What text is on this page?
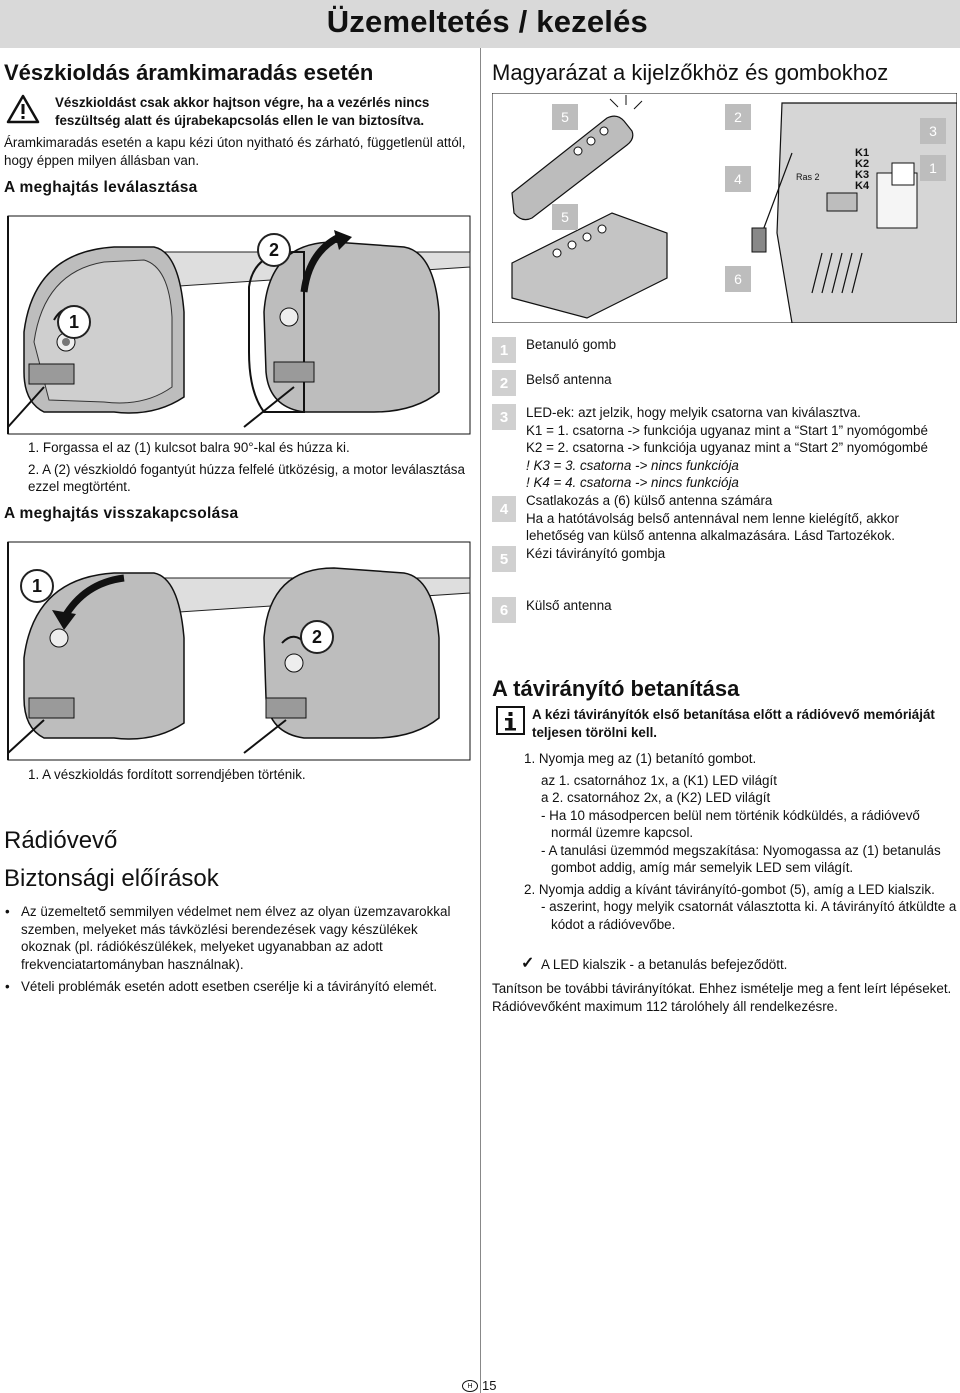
Üzemeltetés / kezelés
Vészkioldás áramkimaradás esetén
Vészkioldást csak akkor hajtson végre, ha a vezérlés nincs feszültség alatt és újrabekapcsolás ellen le van biztosítva.
Áramkimaradás esetén a kapu kézi úton nyitható és zárható, függetlenül attól, hogy éppen milyen állásban van.
A meghajtás leválasztása
1
2
1. Forgassa el az (1) kulcsot balra 90°-kal és húzza ki.
2. A (2) vészkioldó fogantyút húzza felfelé ütközésig, a motor leválasztása ezzel megtörtént.
A meghajtás visszakapcsolása
1
2
1. A vészkioldás fordított sorrendjében történik.
Rádióvevő
Biztonsági előírások
• Az üzemeltető semmilyen védelmet nem élvez az olyan üzemzavarokkal szemben, melyeket más távközlési berendezések vagy készülékek okoznak (pl. rádiókészülékek, melyeket ugyanabban az adott frekvenciatartományban használnak).
• Vételi problémák esetén adott esetben cserélje ki a távirányító elemét.
Magyarázat a kijelzőkhöz és gombokhoz
5
5
2
4
3
1
6
K1
K2
K3
K4
Ras 2
1	Betanuló gomb
2	Belső antenna
3	LED-ek: azt jelzik, hogy melyik csatorna van kiválasztva.
K1 = 1. csatorna -> funkciója ugyanaz mint a “Start 1” nyomógombé
K2 = 2. csatorna -> funkciója ugyanaz mint a “Start 2” nyomógombé
! K3 = 3. csatorna -> nincs funkciója
! K4 = 4. csatorna -> nincs funkciója
4	Csatlakozás a (6) külső antenna számára
Ha a hatótávolság belső antennával nem lenne kielégítő, akkor lehetőség van külső antenna alkalmazására. Lásd Tartozékok.
5	Kézi távirányító gombja
6	Külső antenna
A távirányító betanítása
A kézi távirányítók első betanítása előtt a rádióvevő memóriáját teljesen törölni kell.
1. Nyomja meg az (1) betanító gombot.
az 1. csatornához 1x, a (K1) LED világít
a 2. csatornához 2x, a (K2) LED világít
- Ha 10 másodpercen belül nem történik kódküldés, a rádióvevő normál üzemre kapcsol.
- A tanulási üzemmód megszakítása: Nyomogassa az (1) betanulás gombot addig, amíg már semelyik LED sem világít.
2. Nyomja addig a kívánt távirányító-gombot (5), amíg a LED kialszik.
- aszerint, hogy melyik csatornát választotta ki. A távirányító átküldte a kódot a rádióvevőbe.
✓ A LED kialszik - a betanulás befejeződött.
Tanítson be további távirányítókat. Ehhez ismételje meg a fent leírt lépéseket. Rádióvevőként maximum 112 tárolóhely áll rendelkezésre.
H 15
